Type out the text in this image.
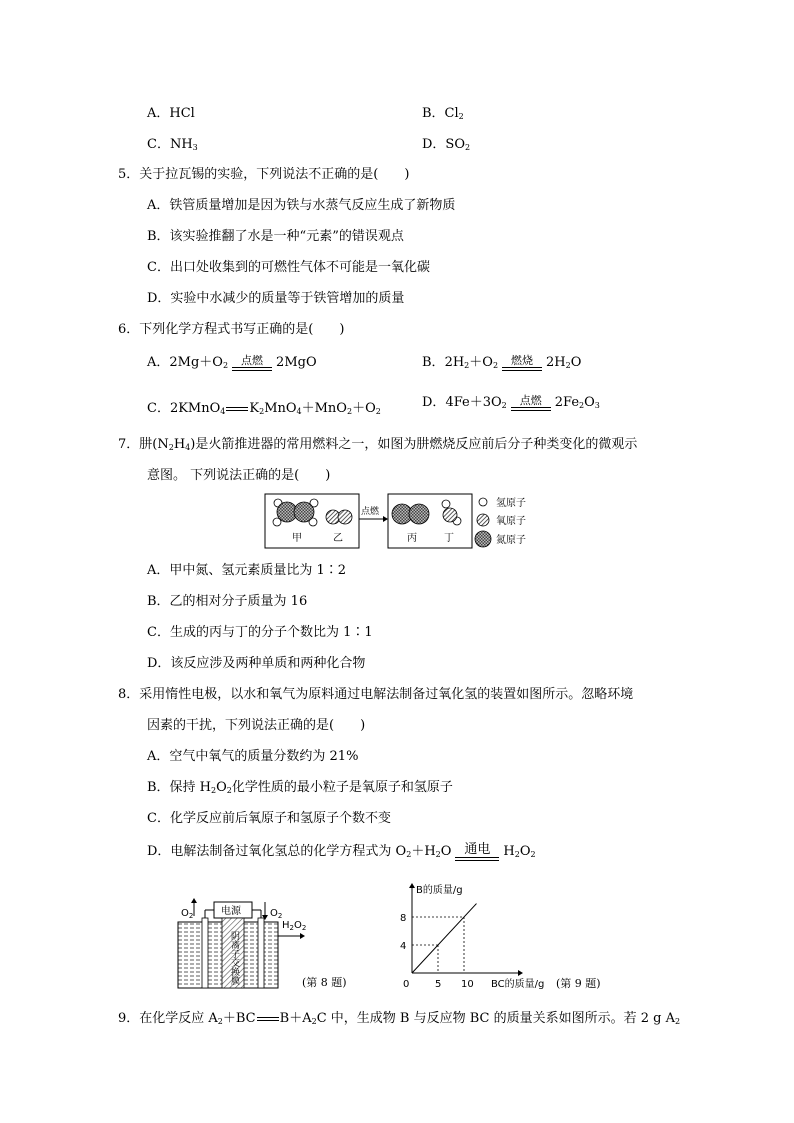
A．HCl	B．$Cl_2$
C．$NH_3$	D．$SO_2$
5．关于拉瓦锡的实验，下列说法不正确的是(　　)
A．铁管质量增加是因为铁与水蒸气反应生成了新物质
B．该实验推翻了水是一种“元素”的错误观点
C．出口处收集到的可燃性气体不可能是一氧化碳
D．实验中水减少的质量等于铁管增加的质量
6．下列化学方程式书写正确的是(　　)
A．$2Mg+O_2$	点燃	2MgO	B．$2H_2+O_2$	燃烧	$2H_2O$
C．2KMnO$_4$ $K_2MnO_4+MnO_2+O_2$
D．$4Fe+3O_2$	点燃	$2Fe_2O_3$
7．肼$(N_2H_4)$是火箭推进器的常用燃料之一，如图为肼燃烧反应前后分子种类变化的微观示
意图。 下列说法正确的是(　　)
甲	乙
点燃
丙	丁
氢原子
氧原子
氮原子
A．甲中氮、氢元素质量比为 1∶2
B．乙的相对分子质量为 16
C．生成的丙与丁的分子个数比为 1∶1
D．该反应涉及两种单质和两种化合物
8．采用惰性电极，以水和氧气为原料通过电解法制备过氧化氢的装置如图所示。忽略环境
因素的干扰，下列说法正确的是(　　)
A．空气中氧气的质量分数约为 21%
B．保持 $H_2O_2$化学性质的最小粒子是氧原子和氢原子
C．化学反应前后氧原子和氢原子个数不变
D．电解法制备过氧化氢总的化学方程式为 $O_2+H_2O$ 通电	$H_2O_2$
电源
$O_2$	$O_2$
$H_2O_2$
阴离子交换膜	(第 8 题)
B的质量/g
BC的质量/g (第 9 题)
0	5 10
4
8
9．在化学反应 $A_2+BC$ $B+A_2C$ 中，生成物 B 与反应物 BC 的质量关系如图所示。若 2 g $A_2$
